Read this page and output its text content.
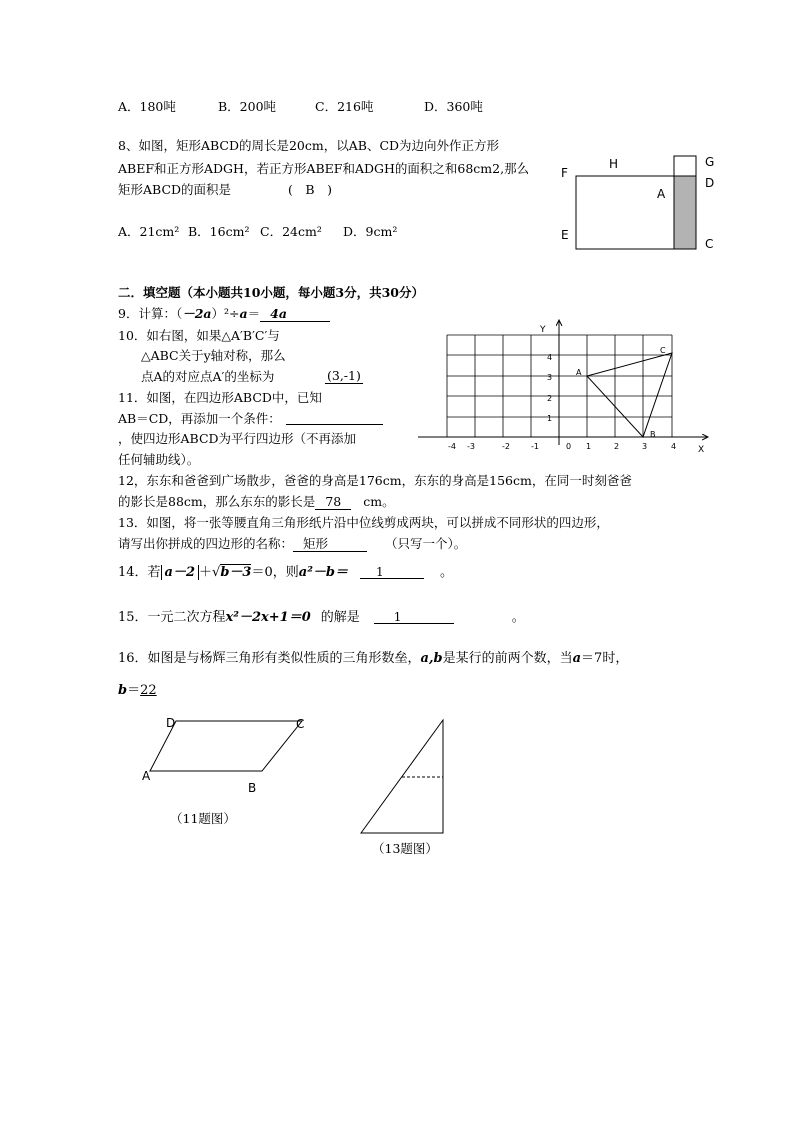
A．180吨	B．200吨	C．216吨	D．360吨
8、如图，矩形ABCD的周长是20cm，以AB、CD为边向外作正方形
ABEF和正方形ADGH，若正方形ABEF和ADGH的面积之和68cm2,那么
矩形ABCD的面积是	(　B　)
A．21cm² B．16cm² C．24cm² D．9cm²
H	G
F
D
A
E
C
二．填空题（本小题共10小题，每小题3分，共30分）
9．计算：（－2a）²÷a＝ 4a
10．如右图，如果△A′B′C′与
△ABC关于y轴对称，那么
点A的对应点A′的坐标为	(3,-1)
11．如图，在四边形ABCD中，已知
AB＝CD，再添加一个条件：
，使四边形ABCD为平行四边形（不再添加
任何辅助线）。
Y
X
-4 -3	-2	-1	0 1	2	3	4
1
2
3
4
A
B
C
12，东东和爸爸到广场散步，爸爸的身高是176cm，东东的身高是156cm，在同一时刻爸爸
的影长是88cm，那么东东的影长是 78 cm。
13．如图，将一张等腰直角三角形纸片沿中位线剪成两块，可以拼成不同形状的四边形，
请写出你拼成的四边形的名称： 矩形	（只写一个）。
14．若 a－2 ＋√b－3＝0，则a²－b＝ 1	。
15．一元二次方程x²－2x+1＝0 的解是	1	。
16．如图是与杨辉三角形有类似性质的三角形数垒，a,b是某行的前两个数，当a＝7时，
b＝22
D	C
A
B
（11题图）
（13题图）
